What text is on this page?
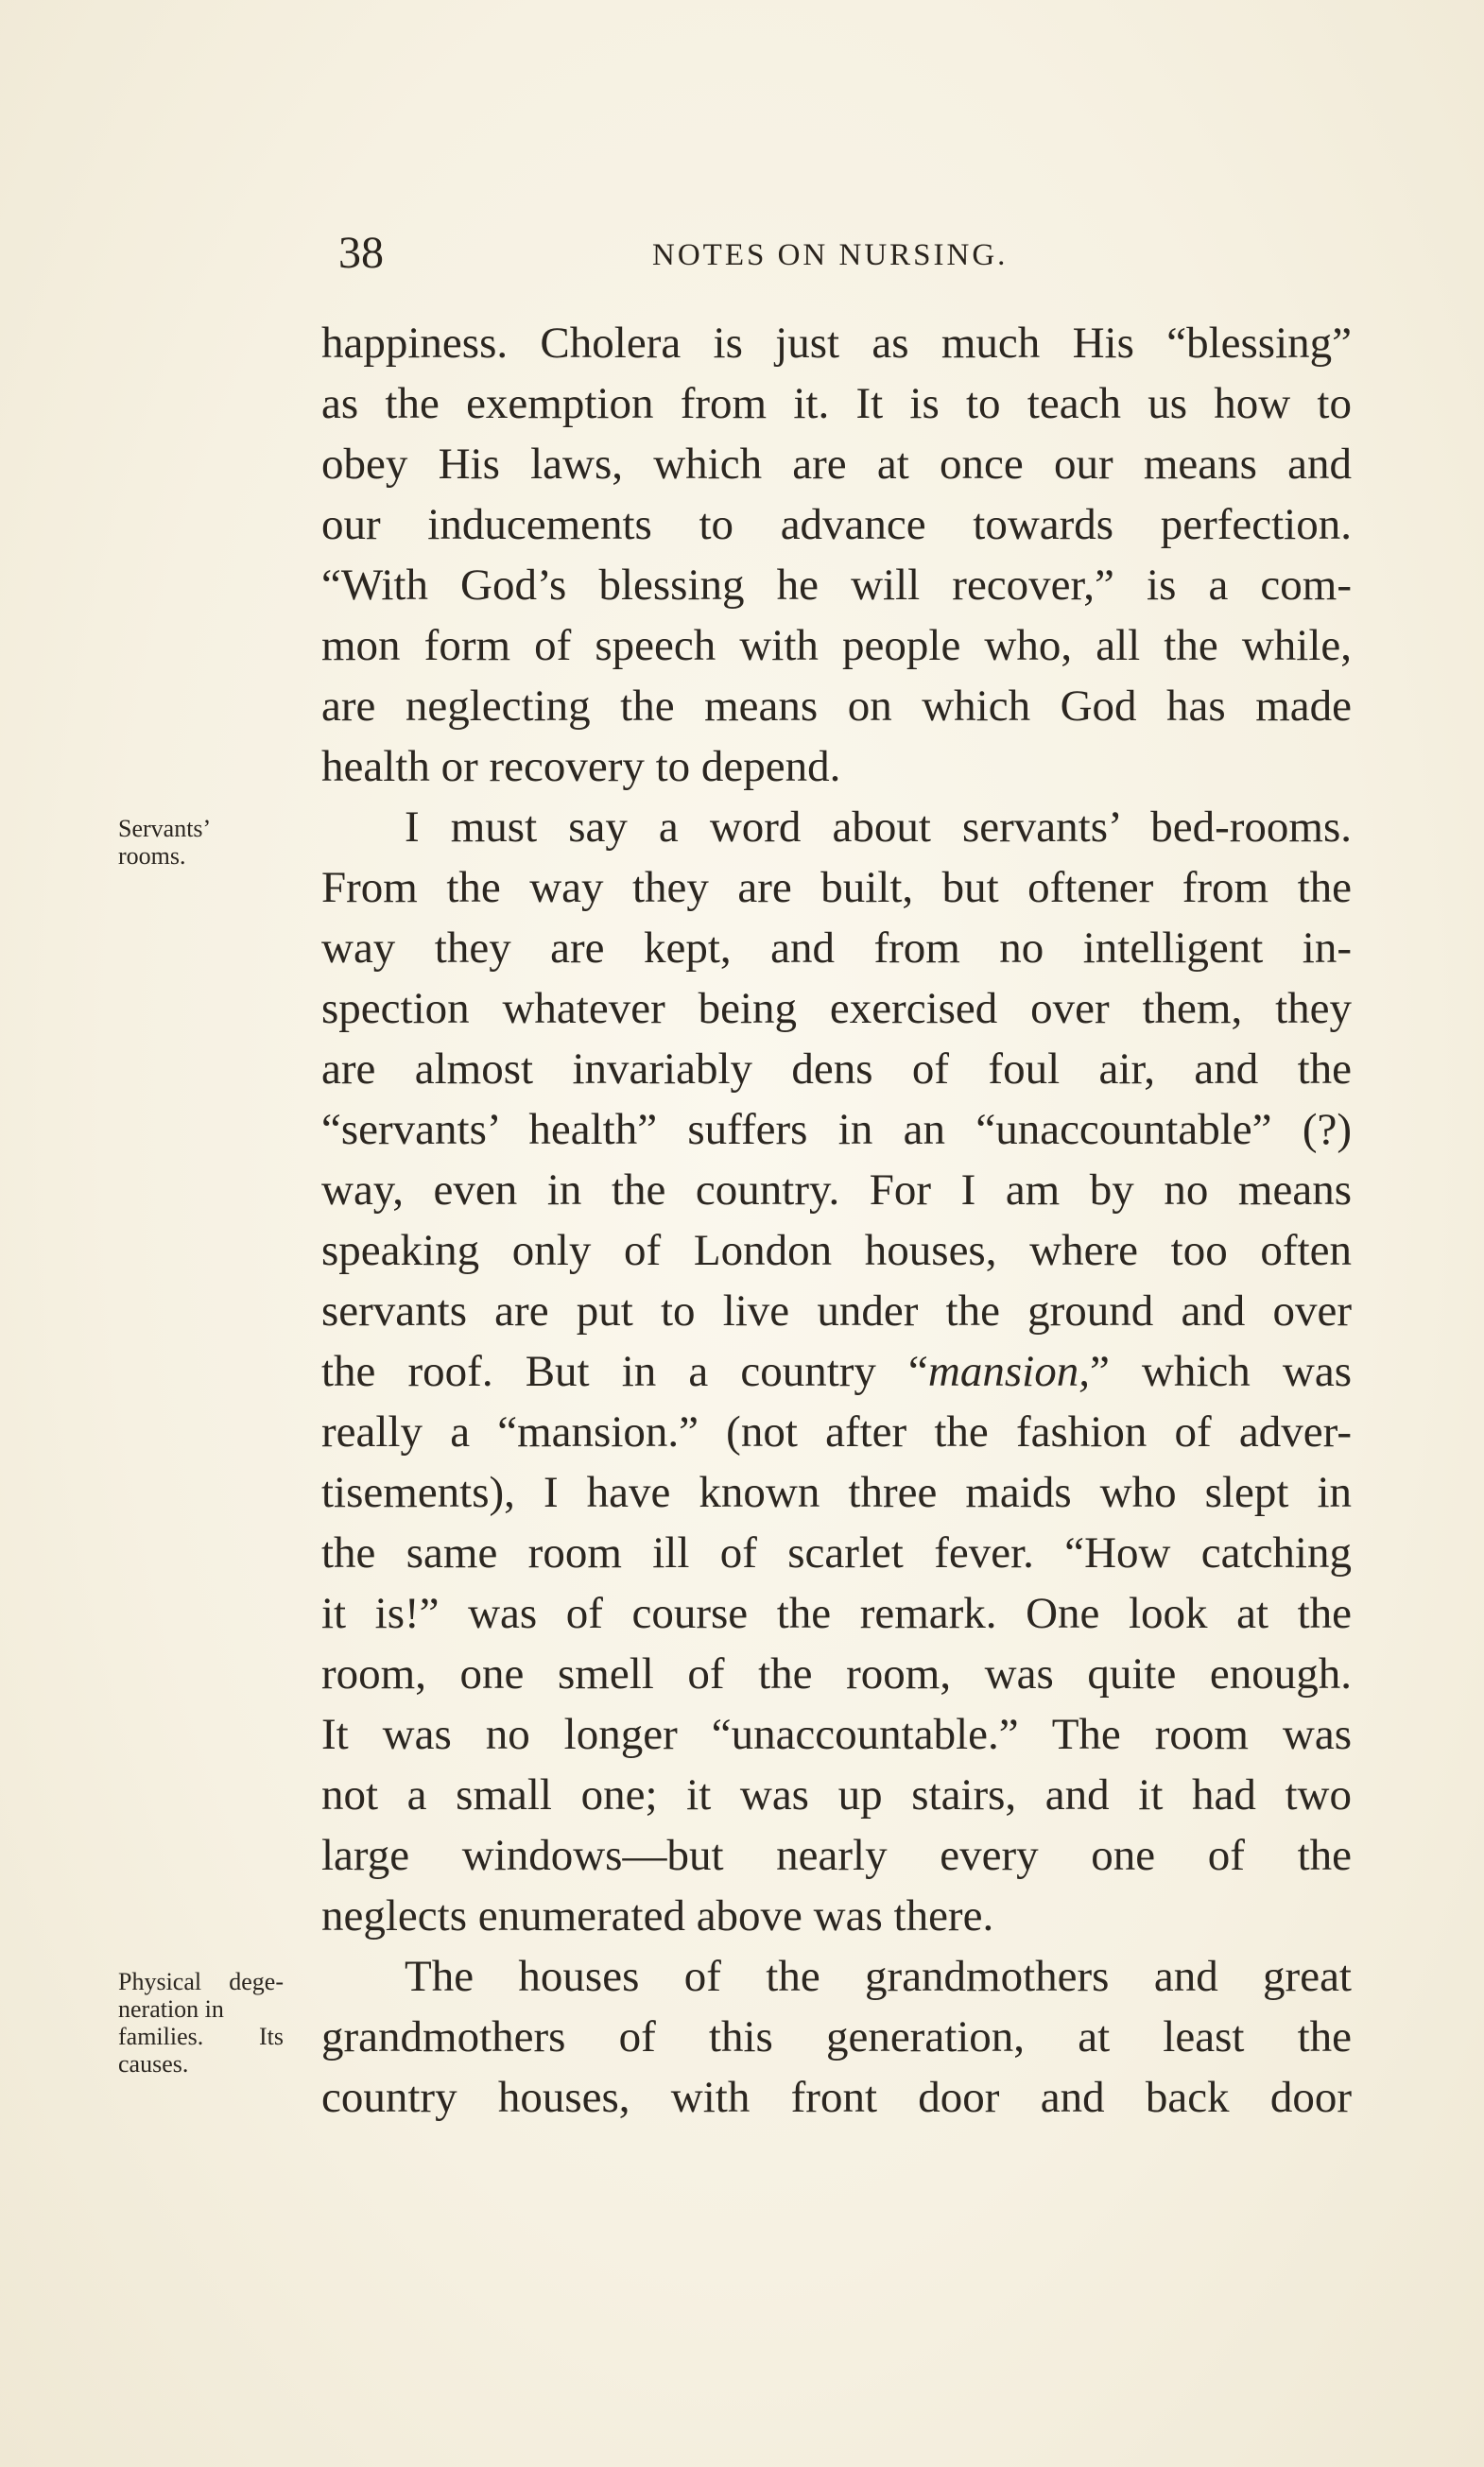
38	NOTES ON NURSING.
Servants’
rooms.
Physical dege-
neration in
families. Its
causes.
happiness. Cholera is just as much His “blessing”
as the exemption from it. It is to teach us how to
obey His laws, which are at once our means and
our inducements to advance towards perfection.
“With God’s blessing he will recover,” is a com-
mon form of speech with people who, all the while,
are neglecting the means on which God has made
health or recovery to depend.
I must say a word about servants’ bed-rooms.
From the way they are built, but oftener from the
way they are kept, and from no intelligent in-
spection whatever being exercised over them, they
are almost invariably dens of foul air, and the
“servants’ health” suffers in an “unaccountable” (?)
way, even in the country. For I am by no means
speaking only of London houses, where too often
servants are put to live under the ground and over
the roof. But in a country “mansion,” which was
really a “mansion.” (not after the fashion of adver-
tisements), I have known three maids who slept in
the same room ill of scarlet fever. “How catching
it is!” was of course the remark. One look at the
room, one smell of the room, was quite enough.
It was no longer “unaccountable.” The room was
not a small one; it was up stairs, and it had two
large windows—but nearly every one of the
neglects enumerated above was there.
The houses of the grandmothers and great
grandmothers of this generation, at least the
country houses, with front door and back door
